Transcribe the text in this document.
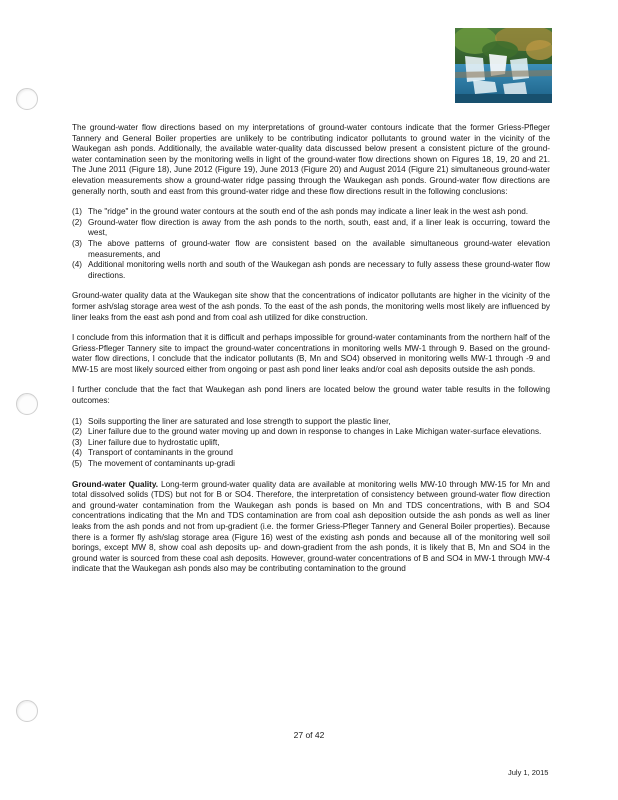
The ground-water flow directions based on my interpretations of ground-water contours indicate that the former Griess-Pfleger Tannery and General Boiler properties are unlikely to be contributing indicator pollutants to ground water in the vicinity of the Waukegan ash ponds. Additionally, the available water-quality data discussed below present a consistent picture of the ground-water contamination seen by the monitoring wells in light of the ground-water flow directions shown on Figures 18, 19, 20 and 21. The June 2011 (Figure 18), June 2012 (Figure 19), June 2013 (Figure 20) and August 2014 (Figure 21) simultaneous ground-water elevation measurements show a ground-water ridge passing through the Waukegan ash ponds. Ground-water flow directions are generally north, south and east from this ground-water ridge and these flow directions result in the following conclusions:

(1) The "ridge" in the ground water contours at the south end of the ash ponds may indicate a liner leak in the west ash pond.
(2) Ground-water flow direction is away from the ash ponds to the north, south, east and, if a liner leak is occurring, toward the west,
(3) The above patterns of ground-water flow are consistent based on the available simultaneous ground-water elevation measurements, and
(4) Additional monitoring wells north and south of the Waukegan ash ponds are necessary to fully assess these ground-water flow directions.

Ground-water quality data at the Waukegan site show that the concentrations of indicator pollutants are higher in the vicinity of the former ash/slag storage area west of the ash ponds. To the east of the ash ponds, the monitoring wells most likely are influenced by liner leaks from the east ash pond and from coal ash utilized for dike construction.

I conclude from this information that it is difficult and perhaps impossible for ground-water contaminants from the northern half of the Griess-Pfleger Tannery site to impact the ground-water concentrations in monitoring wells MW-1 through 9. Based on the ground-water flow directions, I conclude that the indicator pollutants (B, Mn and SO4) observed in monitoring wells MW-1 through -9 and MW-15 are most likely sourced either from ongoing or past ash pond liner leaks and/or coal ash deposits outside the ash ponds.

I further conclude that the fact that Waukegan ash pond liners are located below the ground water table results in the following outcomes:

(1) Soils supporting the liner are saturated and lose strength to support the plastic liner,
(2) Liner failure due to the ground water moving up and down in response to changes in Lake Michigan water-surface elevations.
(3) Liner failure due to hydrostatic uplift,
(4) Transport of contaminants in the ground
(5) The movement of contaminants up-gradi

Ground-water Quality. Long-term ground-water quality data are available at monitoring wells MW-10 through MW-15 for Mn and total dissolved solids (TDS) but not for B or SO4. Therefore, the interpretation of consistency between ground-water flow direction and ground-water contamination from the Waukegan ash ponds is based on Mn and TDS concentrations, with B and SO4 concentrations indicating that the Mn and TDS contamination are from coal ash deposition outside the ash ponds as well as liner leaks from the ash ponds and not from up-gradient (i.e. the former Griess-Pfleger Tannery and General Boiler properties). Because there is a former fly ash/slag storage area (Figure 16) west of the existing ash ponds and because all of the monitoring well soil borings, except MW 8, show coal ash deposits up- and down-gradient from the ash ponds, it is likely that B, Mn and SO4 in the ground water is sourced from these coal ash deposits. However, ground-water concentrations of B and SO4 in MW-1 through MW-4 indicate that the Waukegan ash ponds also may be contributing contamination to the ground

27 of 42
July 1, 2015
